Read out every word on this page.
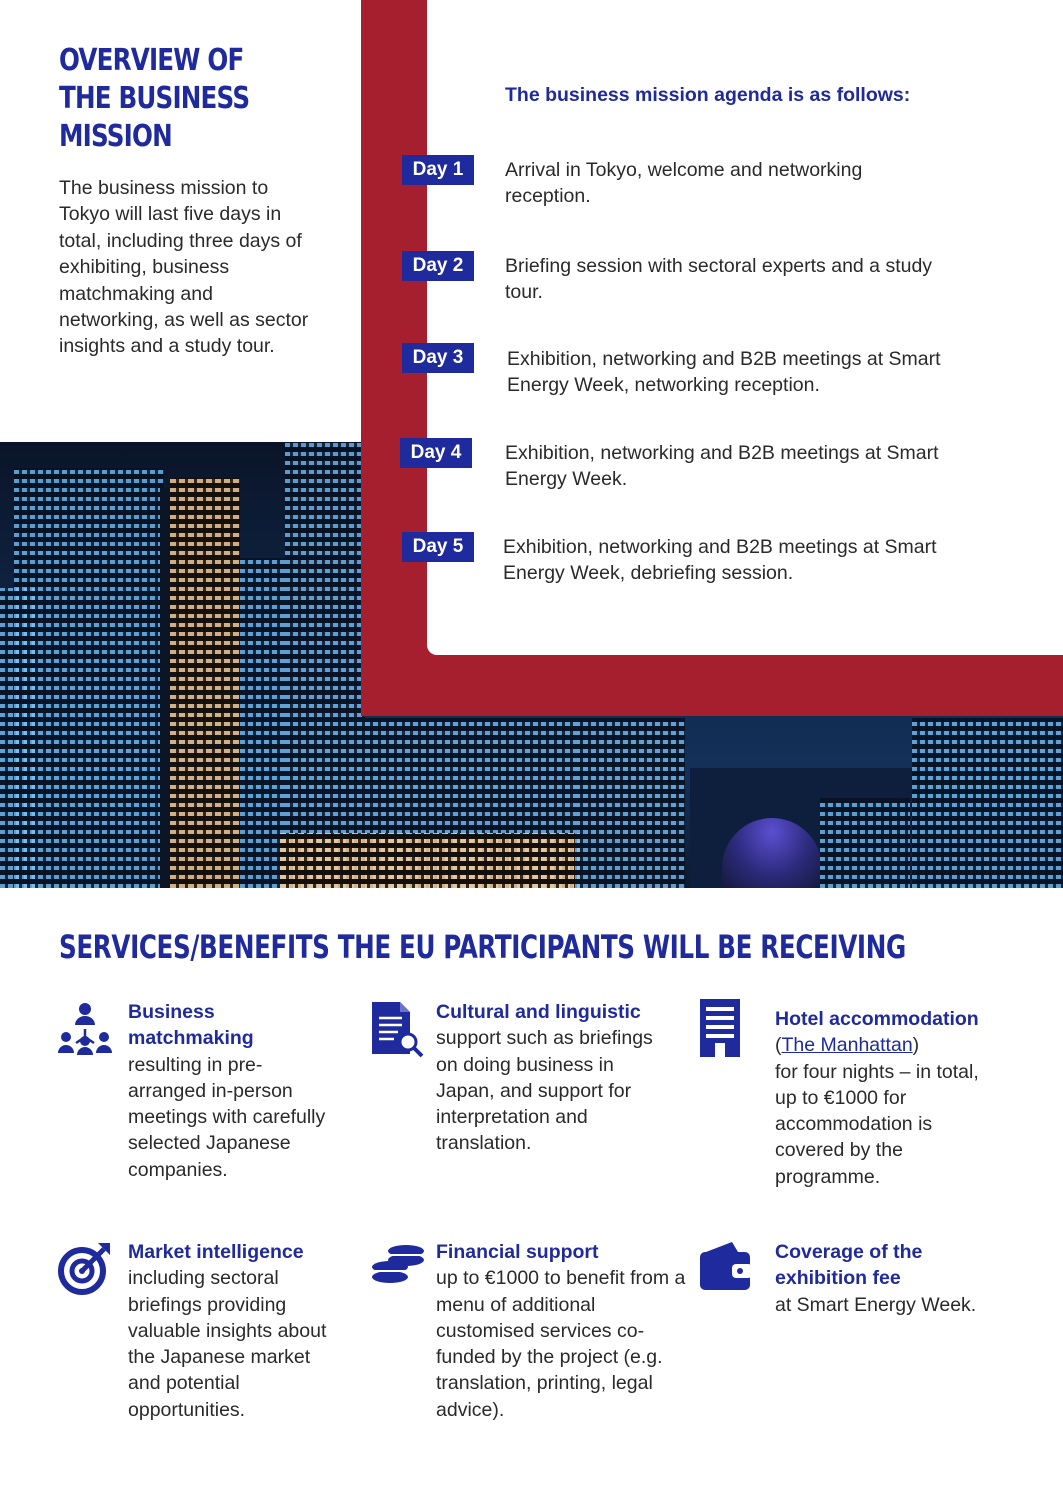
OVERVIEW OF THE BUSINESS MISSION

The business mission to Tokyo will last five days in total, including three days of exhibiting, business matchmaking and networking, as well as sector insights and a study tour.

The business mission agenda is as follows:

Day 1	Arrival in Tokyo, welcome and networking reception.
Day 2	Briefing session with sectoral experts and a study tour.
Day 3	Exhibition, networking and B2B meetings at Smart Energy Week, networking reception.
Day 4	Exhibition, networking and B2B meetings at Smart Energy Week.
Day 5	Exhibition, networking and B2B meetings at Smart Energy Week, debriefing session.
SERVICES/BENEFITS THE EU PARTICIPANTS WILL BE RECEIVING
Business matchmaking
resulting in pre-arranged in-person meetings with carefully selected Japanese companies.
Cultural and linguistic
support such as briefings on doing business in Japan, and support for interpretation and translation.
Hotel accommodation
(The Manhattan)
for four nights – in total, up to €1000 for accommodation is covered by the programme.
Market intelligence
including sectoral briefings providing valuable insights about the Japanese market and potential opportunities.
Financial support
up to €1000 to benefit from a menu of additional customised services co-funded by the project (e.g. translation, printing, legal advice).
Coverage of the exhibition fee
at Smart Energy Week.
